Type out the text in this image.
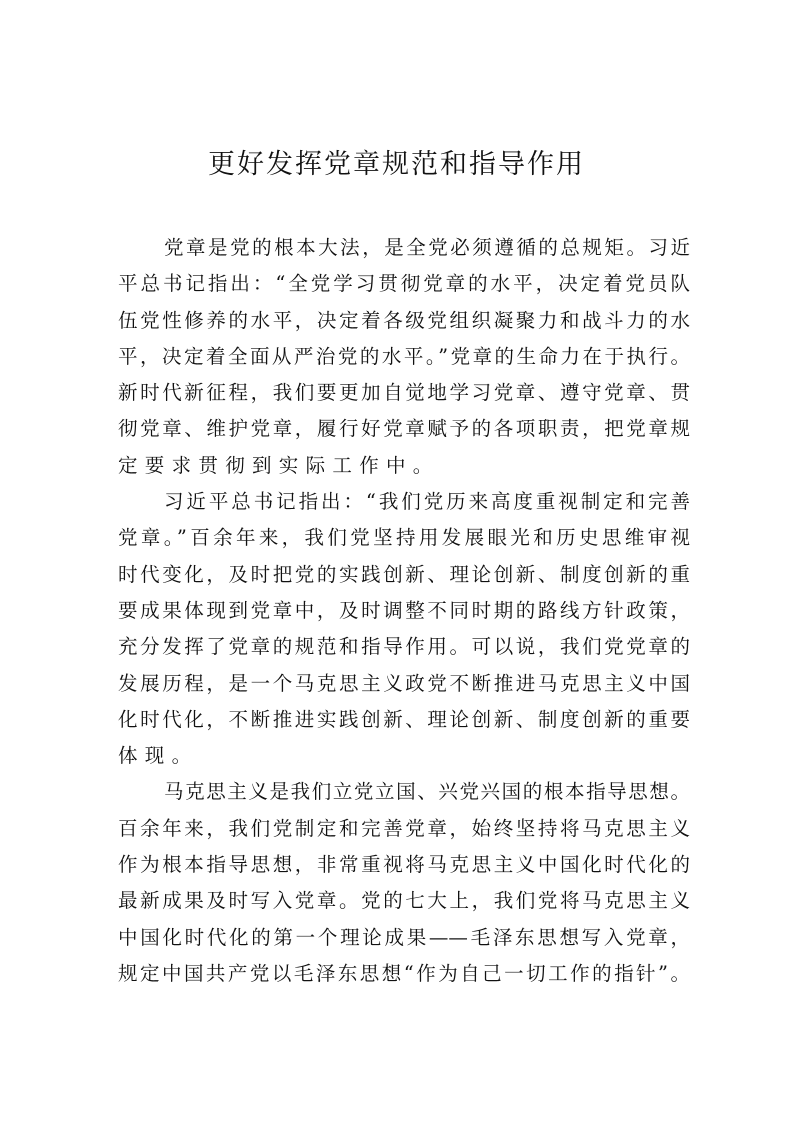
更好发挥党章规范和指导作用
党章是党的根本大法，是全党必须遵循的总规矩。习近
平总书记指出：“全党学习贯彻党章的水平，决定着党员队
伍党性修养的水平，决定着各级党组织凝聚力和战斗力的水
平，决定着全面从严治党的水平。”党章的生命力在于执行。
新时代新征程，我们要更加自觉地学习党章、遵守党章、贯
彻党章、维护党章，履行好党章赋予的各项职责，把党章规
定要求贯彻到实际工作中。
习近平总书记指出：“我们党历来高度重视制定和完善
党章。”百余年来，我们党坚持用发展眼光和历史思维审视
时代变化，及时把党的实践创新、理论创新、制度创新的重
要成果体现到党章中，及时调整不同时期的路线方针政策，
充分发挥了党章的规范和指导作用。可以说，我们党党章的
发展历程，是一个马克思主义政党不断推进马克思主义中国
化时代化，不断推进实践创新、理论创新、制度创新的重要
体现。
马克思主义是我们立党立国、兴党兴国的根本指导思想。
百余年来，我们党制定和完善党章，始终坚持将马克思主义
作为根本指导思想，非常重视将马克思主义中国化时代化的
最新成果及时写入党章。党的七大上，我们党将马克思主义
中国化时代化的第一个理论成果——毛泽东思想写入党章，
规定中国共产党以毛泽东思想“作为自己一切工作的指针”。
